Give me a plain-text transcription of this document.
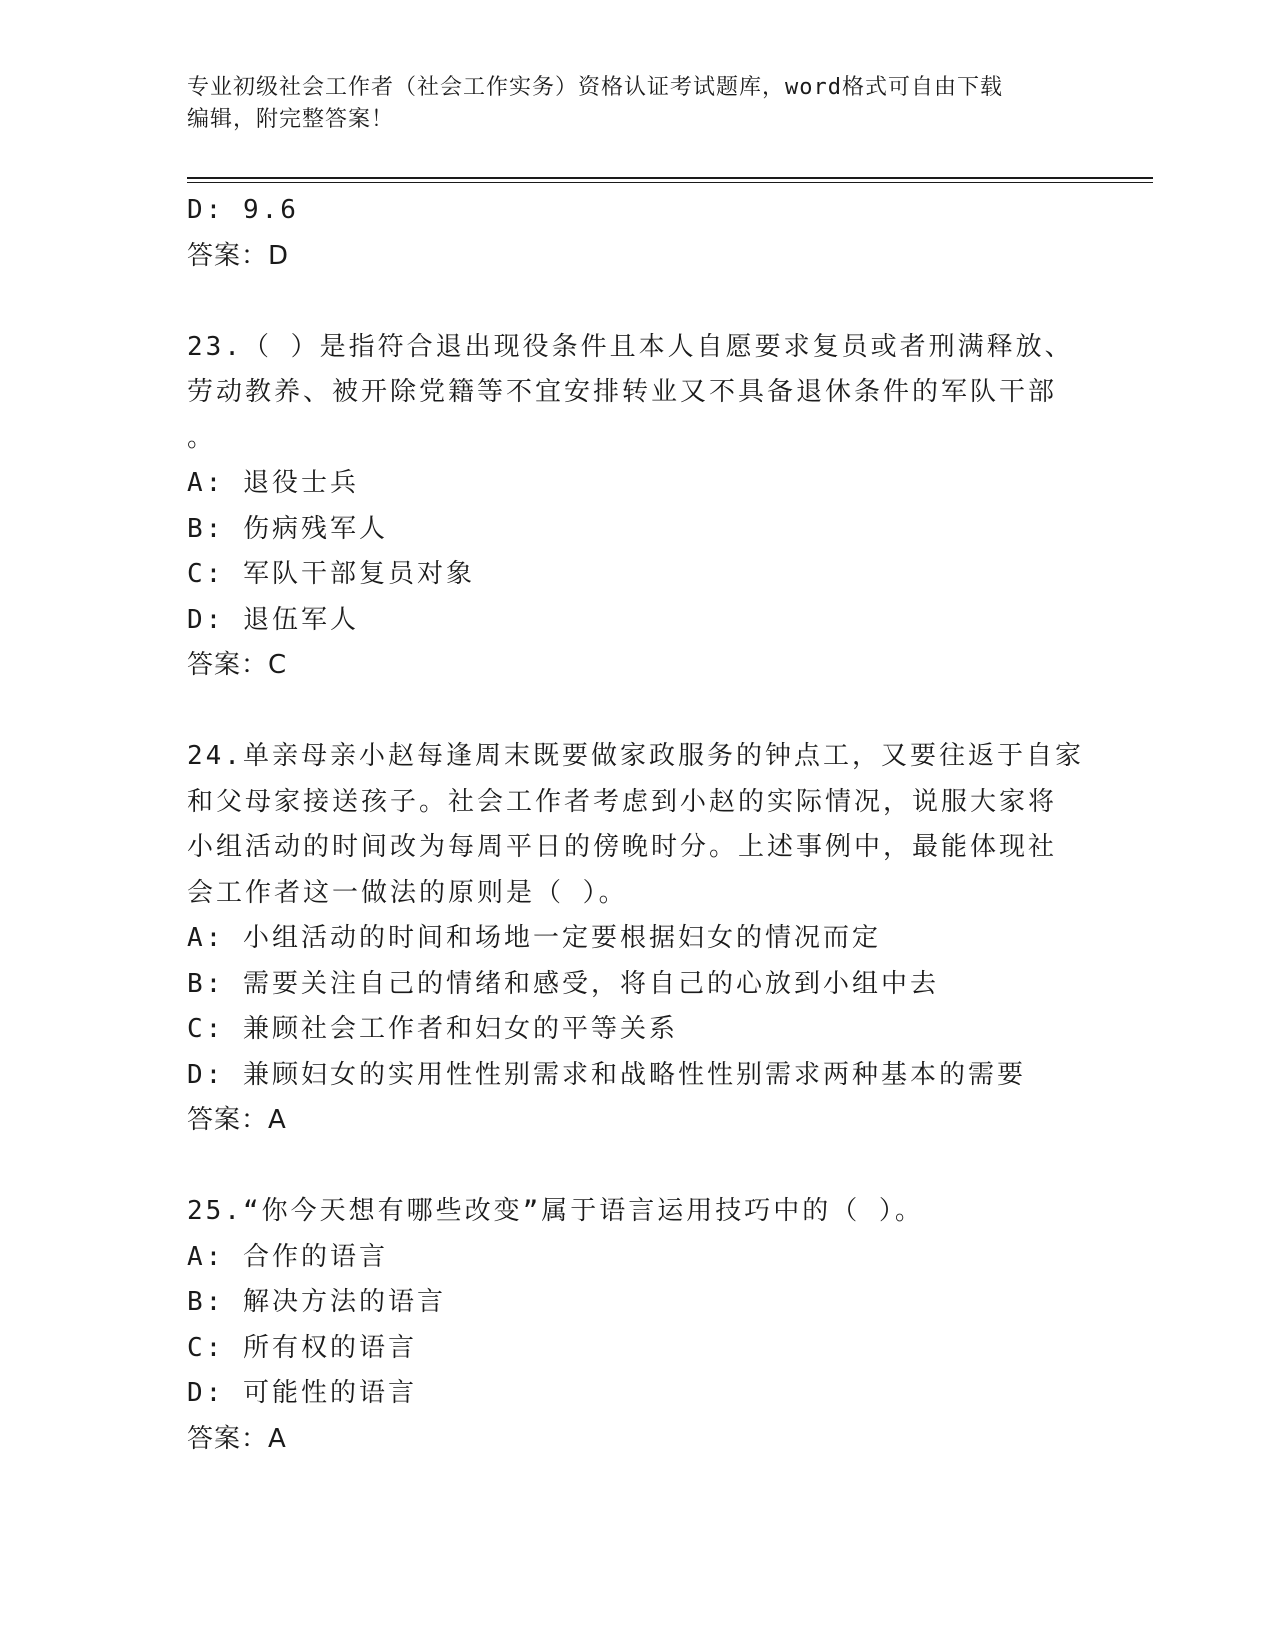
专业初级社会工作者（社会工作实务）资格认证考试题库，word格式可自由下载
编辑，附完整答案！
D: 9.6
答案：D
23.（ ）是指符合退出现役条件且本人自愿要求复员或者刑满释放、
劳动教养、被开除党籍等不宜安排转业又不具备退休条件的军队干部
。
A: 退役士兵
B: 伤病残军人
C: 军队干部复员对象
D: 退伍军人
答案：C
24.单亲母亲小赵每逢周末既要做家政服务的钟点工，又要往返于自家
和父母家接送孩子。社会工作者考虑到小赵的实际情况，说服大家将
小组活动的时间改为每周平日的傍晚时分。上述事例中，最能体现社
会工作者这一做法的原则是（ ）。
A: 小组活动的时间和场地一定要根据妇女的情况而定
B: 需要关注自己的情绪和感受，将自己的心放到小组中去
C: 兼顾社会工作者和妇女的平等关系
D: 兼顾妇女的实用性性别需求和战略性性别需求两种基本的需要
答案：A
25.“你今天想有哪些改变”属于语言运用技巧中的（ ）。
A: 合作的语言
B: 解决方法的语言
C: 所有权的语言
D: 可能性的语言
答案：A
